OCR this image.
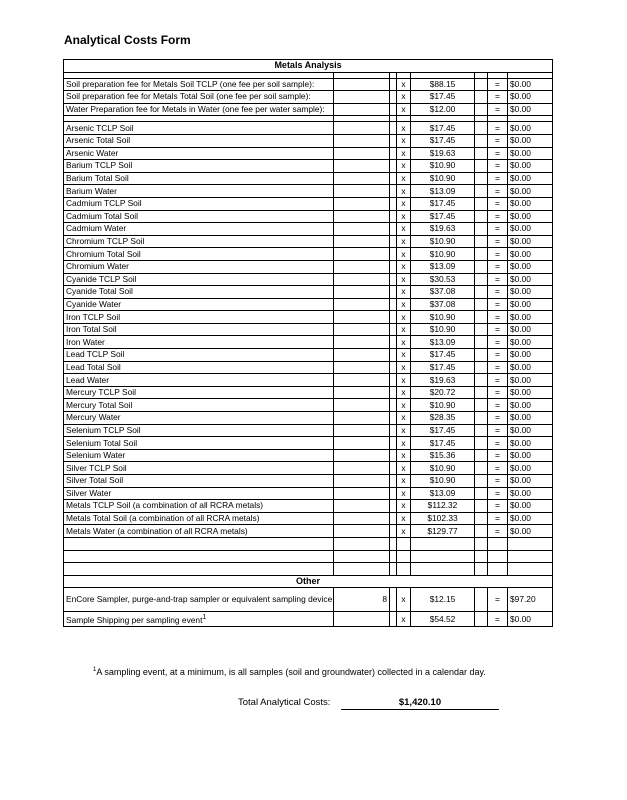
Analytical Costs Form
Metals Analysis							

Soil preparation fee for Metals Soil TCLP (one fee per soil sample):			x	$88.15		=	$0.00
Soil preparation fee for Metals Total Soil (one fee per soil sample):			x	$17.45		=	$0.00
Water Preparation fee for Metals in Water (one fee per water sample):			x	$12.00		=	$0.00

Arsenic TCLP Soil			x	$17.45		=	$0.00
Arsenic Total Soil			x	$17.45		=	$0.00
Arsenic Water			x	$19.63		=	$0.00
Barium TCLP Soil			x	$10.90		=	$0.00
Barium Total Soil			x	$10.90		=	$0.00
Barium Water			x	$13.09		=	$0.00
Cadmium TCLP Soil			x	$17.45		=	$0.00
Cadmium Total Soil			x	$17.45		=	$0.00
Cadmium Water			x	$19.63		=	$0.00
Chromium TCLP Soil			x	$10.90		=	$0.00
Chromium Total Soil			x	$10.90		=	$0.00
Chromium Water			x	$13.09		=	$0.00
Cyanide TCLP Soil			x	$30.53		=	$0.00
Cyanide Total Soil			x	$37.08		=	$0.00
Cyanide Water			x	$37.08		=	$0.00
Iron TCLP Soil			x	$10.90		=	$0.00
Iron Total Soil			x	$10.90		=	$0.00
Iron Water			x	$13.09		=	$0.00
Lead TCLP Soil			x	$17.45		=	$0.00
Lead Total Soil			x	$17.45		=	$0.00
Lead Water			x	$19.63		=	$0.00
Mercury TCLP Soil			x	$20.72		=	$0.00
Mercury Total Soil			x	$10.90		=	$0.00
Mercury Water			x	$28.35		=	$0.00
Selenium TCLP Soil			x	$17.45		=	$0.00
Selenium Total Soil			x	$17.45		=	$0.00
Selenium Water			x	$15.36		=	$0.00
Silver TCLP Soil			x	$10.90		=	$0.00
Silver Total Soil			x	$10.90		=	$0.00
Silver Water			x	$13.09		=	$0.00
Metals TCLP Soil (a combination of all RCRA metals)			x	$112.32		=	$0.00
Metals Total Soil (a combination of all RCRA metals)			x	$102.33		=	$0.00
Metals Water (a combination of all RCRA metals)			x	$129.77		=	$0.00

Other							
EnCore Sampler, purge-and-trap sampler or equivalent sampling device	8		x	$12.15		=	$97.20
Sample Shipping per sampling event$^1$			x	$54.52		=	$0.00
$^1$A sampling event, at a minimum, is all samples (soil and groundwater) collected in a calendar day.
Total Analytical Costs:	$1,420.10
